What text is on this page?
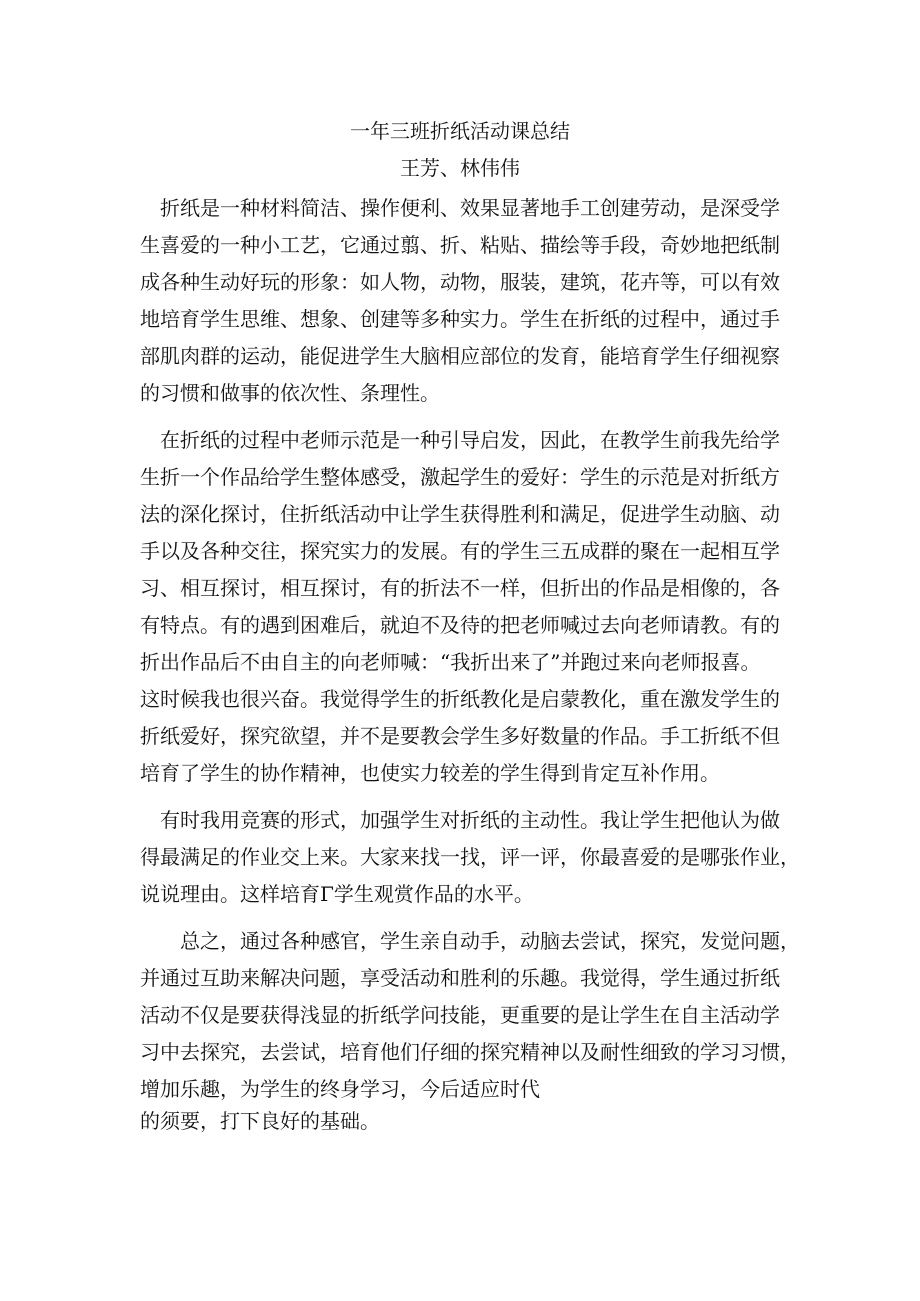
一年三班折纸活动课总结
王芳、林伟伟
　折纸是一种材料简洁、操作便利、效果显著地手工创建劳动，是深受学
生喜爱的一种小工艺，它通过翦、折、粘贴、描绘等手段，奇妙地把纸制
成各种生动好玩的形象：如人物，动物，服装，建筑，花卉等，可以有效
地培育学生思维、想象、创建等多种实力。学生在折纸的过程中，通过手
部肌肉群的运动，能促进学生大脑相应部位的发育，能培育学生仔细视察
的习惯和做事的依次性、条理性。
　在折纸的过程中老师示范是一种引导启发，因此，在教学生前我先给学
生折一个作品给学生整体感受，激起学生的爱好：学生的示范是对折纸方
法的深化探讨，住折纸活动中让学生获得胜利和满足，促进学生动脑、动
手以及各种交往，探究实力的发展。有的学生三五成群的聚在一起相互学
习、相互探讨，相互探讨，有的折法不一样，但折出的作品是相像的，各
有特点。有的遇到困难后，就迫不及待的把老师喊过去向老师请教。有的
折出作品后不由自主的向老师喊：“我折出来了”并跑过来向老师报喜。
这时候我也很兴奋。我觉得学生的折纸教化是启蒙教化，重在激发学生的
折纸爱好，探究欲望，并不是要教会学生多好数量的作品。手工折纸不但
培育了学生的协作精神，也使实力较差的学生得到肯定互补作用。
　有时我用竞赛的形式，加强学生对折纸的主动性。我让学生把他认为做
得最满足的作业交上来。大家来找一找，评一评，你最喜爱的是哪张作业，
说说理由。这样培育Γ学生观赏作品的水平。
　　总之，通过各种感官，学生亲自动手，动脑去尝试，探究，发觉问题，
并通过互助来解决问题，享受活动和胜利的乐趣。我觉得，学生通过折纸
活动不仅是要获得浅显的折纸学问技能，更重要的是让学生在自主活动学
习中去探究，去尝试，培育他们仔细的探究精神以及耐性细致的学习习惯，
增加乐趣，为学生的终身学习，今后适应时代
的须要，打下良好的基础。
